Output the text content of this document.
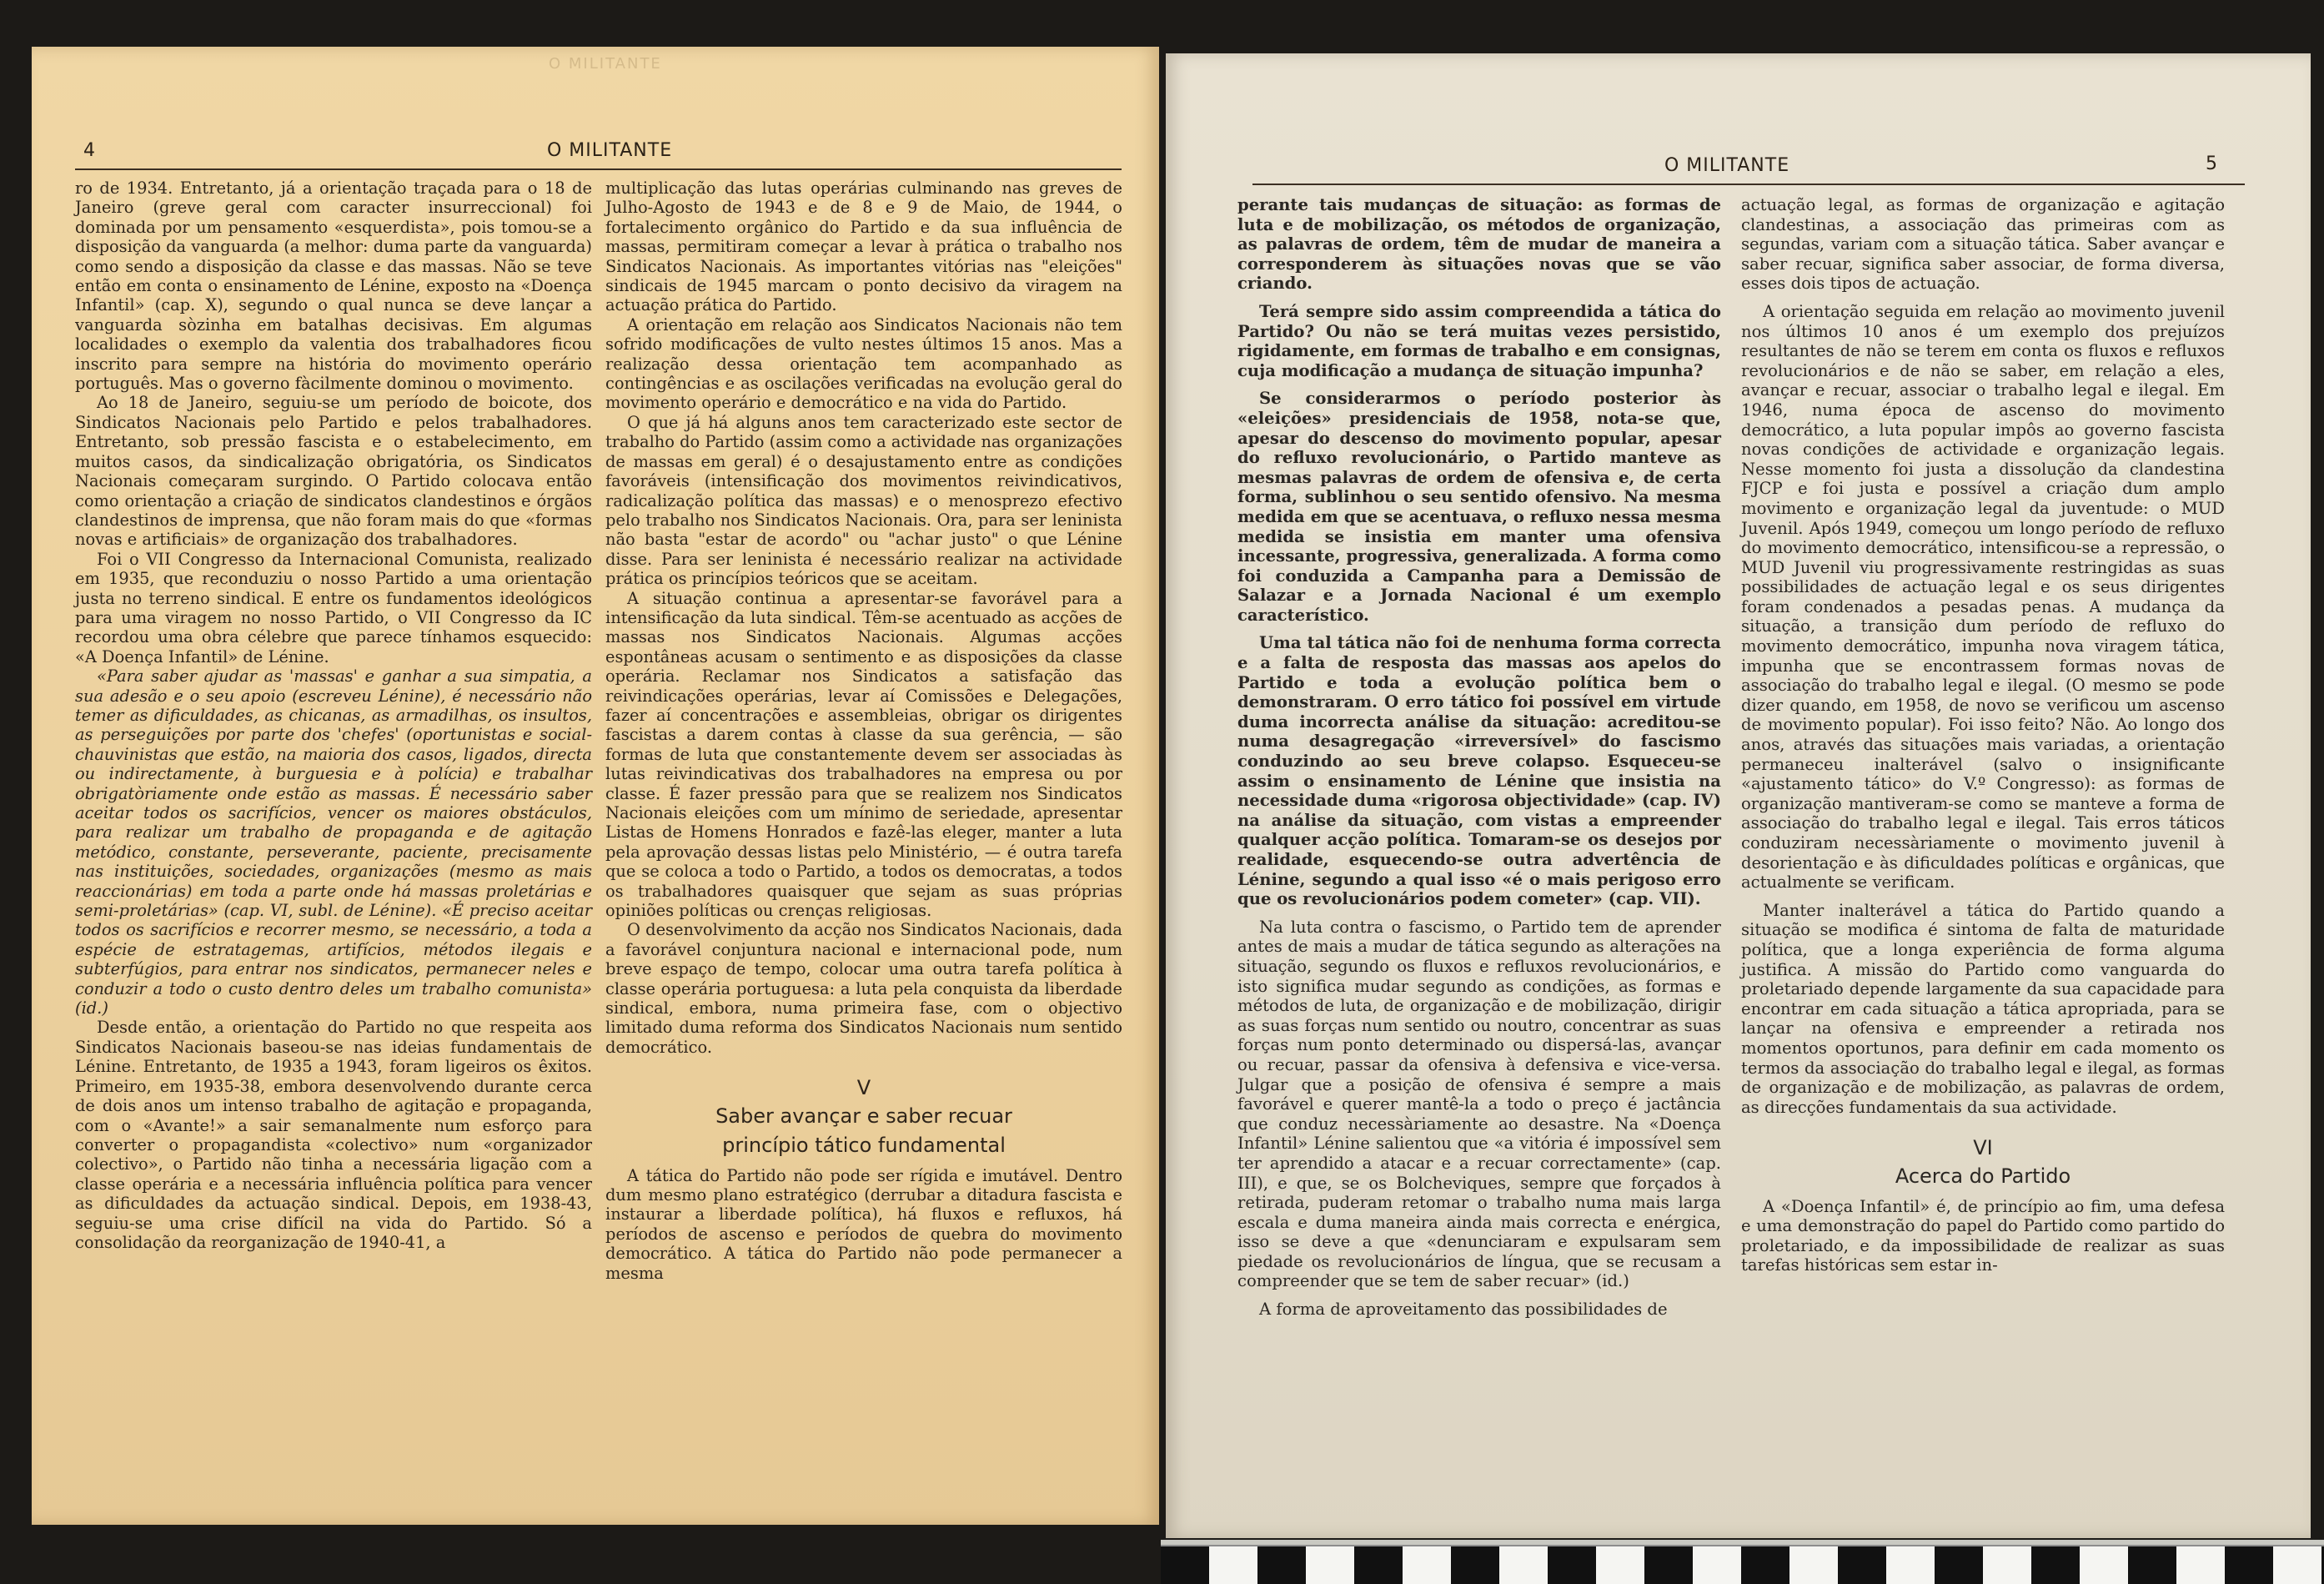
O MILITANTE
4	O MILITANTE

ro de 1934. Entretanto, já a orientação traçada para o 18 de Janeiro (greve geral com caracter insurreccional) foi dominada por um pensamento «esquerdista», pois tomou-se a disposição da vanguarda (a melhor: duma parte da vanguarda) como sendo a disposição da classe e das massas. Não se teve então em conta o ensinamento de Lénine, exposto na «Doença Infantil» (cap. X), segundo o qual nunca se deve lançar a vanguarda sòzinha em batalhas decisivas. Em algumas localidades o exemplo da valentia dos trabalhadores ficou inscrito para sempre na história do movimento operário português. Mas o governo fàcilmente dominou o movimento.

Ao 18 de Janeiro, seguiu-se um período de boicote, dos Sindicatos Nacionais pelo Partido e pelos trabalhadores. Entretanto, sob pressão fascista e o estabelecimento, em muitos casos, da sindicalização obrigatória, os Sindicatos Nacionais começaram surgindo. O Partido colocava então como orientação a criação de sindicatos clandestinos e órgãos clandestinos de imprensa, que não foram mais do que «formas novas e artificiais» de organização dos trabalhadores.

Foi o VII Congresso da Internacional Comunista, realizado em 1935, que reconduziu o nosso Partido a uma orientação justa no terreno sindical. E entre os fundamentos ideológicos para uma viragem no nosso Partido, o VII Congresso da IC recordou uma obra célebre que parece tínhamos esquecido: «A Doença Infantil» de Lénine.

«Para saber ajudar as 'massas' e ganhar a sua simpatia, a sua adesão e o seu apoio (escreveu Lénine), é necessário não temer as dificuldades, as chicanas, as armadilhas, os insultos, as perseguições por parte dos 'chefes' (oportunistas e social-chauvinistas que estão, na maioria dos casos, ligados, directa ou indirectamente, à burguesia e à polícia) e trabalhar obrigatòriamente onde estão as massas. É necessário saber aceitar todos os sacrifícios, vencer os maiores obstáculos, para realizar um trabalho de propaganda e de agitação metódico, constante, perseverante, paciente, precisamente nas instituições, sociedades, organizações (mesmo as mais reaccionárias) em toda a parte onde há massas proletárias e semi-proletárias» (cap. VI, subl. de Lénine). «É preciso aceitar todos os sacrifícios e recorrer mesmo, se necessário, a toda a espécie de estratagemas, artifícios, métodos ilegais e subterfúgios, para entrar nos sindicatos, permanecer neles e conduzir a todo o custo dentro deles um trabalho comunista» (id.)

Desde então, a orientação do Partido no que respeita aos Sindicatos Nacionais baseou-se nas ideias fundamentais de Lénine. Entretanto, de 1935 a 1943, foram ligeiros os êxitos. Primeiro, em 1935-38, embora desenvolvendo durante cerca de dois anos um intenso trabalho de agitação e propaganda, com o «Avante!» a sair semanalmente num esforço para converter o propagandista «colectivo» num «organizador colectivo», o Partido não tinha a necessária ligação com a classe operária e a necessária influência política para vencer as dificuldades da actuação sindical. Depois, em 1938-43, seguiu-se uma crise difícil na vida do Partido. Só a consolidação da reorganização de 1940-41, a

multiplicação das lutas operárias culminando nas greves de Julho-Agosto de 1943 e de 8 e 9 de Maio, de 1944, o fortalecimento orgânico do Partido e da sua influência de massas, permitiram começar a levar à prática o trabalho nos Sindicatos Nacionais. As importantes vitórias nas "eleições" sindicais de 1945 marcam o ponto decisivo da viragem na actuação prática do Partido.

A orientação em relação aos Sindicatos Nacionais não tem sofrido modificações de vulto nestes últimos 15 anos. Mas a realização dessa orientação tem acompanhado as contingências e as oscilações verificadas na evolução geral do movimento operário e democrático e na vida do Partido.

O que já há alguns anos tem caracterizado este sector de trabalho do Partido (assim como a actividade nas organizações de massas em geral) é o desajustamento entre as condições favoráveis (intensificação dos movimentos reivindicativos, radicalização política das massas) e o menosprezo efectivo pelo trabalho nos Sindicatos Nacionais. Ora, para ser leninista não basta "estar de acordo" ou "achar justo" o que Lénine disse. Para ser leninista é necessário realizar na actividade prática os princípios teóricos que se aceitam.

A situação continua a apresentar-se favorável para a intensificação da luta sindical. Têm-se acentuado as acções de massas nos Sindicatos Nacionais. Algumas acções espontâneas acusam o sentimento e as disposições da classe operária. Reclamar nos Sindicatos a satisfação das reivindicações operárias, levar aí Comissões e Delegações, fazer aí concentrações e assembleias, obrigar os dirigentes fascistas a darem contas à classe da sua gerência, — são formas de luta que constantemente devem ser associadas às lutas reivindicativas dos trabalhadores na empresa ou por classe. É fazer pressão para que se realizem nos Sindicatos Nacionais eleições com um mínimo de seriedade, apresentar Listas de Homens Honrados e fazê-las eleger, manter a luta pela aprovação dessas listas pelo Ministério, — é outra tarefa que se coloca a todo o Partido, a todos os democratas, a todos os trabalhadores quaisquer que sejam as suas próprias opiniões políticas ou crenças religiosas.

O desenvolvimento da acção nos Sindicatos Nacionais, dada a favorável conjuntura nacional e internacional pode, num breve espaço de tempo, colocar uma outra tarefa política à classe operária portuguesa: a luta pela conquista da liberdade sindical, embora, numa primeira fase, com o objectivo limitado duma reforma dos Sindicatos Nacionais num sentido democrático.

V
Saber avançar e saber recuar
princípio tático fundamental

A tática do Partido não pode ser rígida e imutável. Dentro dum mesmo plano estratégico (derrubar a ditadura fascista e instaurar a liberdade política), há fluxos e refluxos, há períodos de ascenso e períodos de quebra do movimento democrático. A tática do Partido não pode permanecer a mesma

O MILITANTE	5

perante tais mudanças de situação: as formas de luta e de mobilização, os métodos de organização, as palavras de ordem, têm de mudar de maneira a corresponderem às situações novas que se vão criando.

Terá sempre sido assim compreendida a tática do Partido? Ou não se terá muitas vezes persistido, rigidamente, em formas de trabalho e em consignas, cuja modificação a mudança de situação impunha?

Se considerarmos o período posterior às «eleições» presidenciais de 1958, nota-se que, apesar do descenso do movimento popular, apesar do refluxo revolucionário, o Partido manteve as mesmas palavras de ordem de ofensiva e, de certa forma, sublinhou o seu sentido ofensivo. Na mesma medida em que se acentuava, o refluxo nessa mesma medida se insistia em manter uma ofensiva incessante, progressiva, generalizada. A forma como foi conduzida a Campanha para a Demissão de Salazar e a Jornada Nacional é um exemplo característico.

Uma tal tática não foi de nenhuma forma correcta e a falta de resposta das massas aos apelos do Partido e toda a evolução política bem o demonstraram. O erro tático foi possível em virtude duma incorrecta análise da situação: acreditou-se numa desagregação «irreversível» do fascismo conduzindo ao seu breve colapso. Esqueceu-se assim o ensinamento de Lénine que insistia na necessidade duma «rigorosa objectividade» (cap. IV) na análise da situação, com vistas a empreender qualquer acção política. Tomaram-se os desejos por realidade, esquecendo-se outra advertência de Lénine, segundo a qual isso «é o mais perigoso erro que os revolucionários podem cometer» (cap. VII).

Na luta contra o fascismo, o Partido tem de aprender antes de mais a mudar de tática segundo as alterações na situação, segundo os fluxos e refluxos revolucionários, e isto significa mudar segundo as condições, as formas e métodos de luta, de organização e de mobilização, dirigir as suas forças num sentido ou noutro, concentrar as suas forças num ponto determinado ou dispersá-las, avançar ou recuar, passar da ofensiva à defensiva e vice-versa. Julgar que a posição de ofensiva é sempre a mais favorável e querer mantê-la a todo o preço é jactância que conduz necessàriamente ao desastre. Na «Doença Infantil» Lénine salientou que «a vitória é impossível sem ter aprendido a atacar e a recuar correctamente» (cap. III), e que, se os Bolcheviques, sempre que forçados à retirada, puderam retomar o trabalho numa mais larga escala e duma maneira ainda mais correcta e enérgica, isso se deve a que «denunciaram e expulsaram sem piedade os revolucionários de língua, que se recusam a compreender que se tem de saber recuar» (id.)

A forma de aproveitamento das possibilidades de

actuação legal, as formas de organização e agitação clandestinas, a associação das primeiras com as segundas, variam com a situação tática. Saber avançar e saber recuar, significa saber associar, de forma diversa, esses dois tipos de actuação.

A orientação seguida em relação ao movimento juvenil nos últimos 10 anos é um exemplo dos prejuízos resultantes de não se terem em conta os fluxos e refluxos revolucionários e de não se saber, em relação a eles, avançar e recuar, associar o trabalho legal e ilegal. Em 1946, numa época de ascenso do movimento democrático, a luta popular impôs ao governo fascista novas condições de actividade e organização legais. Nesse momento foi justa a dissolução da clandestina FJCP e foi justa e possível a criação dum amplo movimento e organização legal da juventude: o MUD Juvenil. Após 1949, começou um longo período de refluxo do movimento democrático, intensificou-se a repressão, o MUD Juvenil viu progressivamente restringidas as suas possibilidades de actuação legal e os seus dirigentes foram condenados a pesadas penas. A mudança da situação, a transição dum período de refluxo do movimento democrático, impunha nova viragem tática, impunha que se encontrassem formas novas de associação do trabalho legal e ilegal. (O mesmo se pode dizer quando, em 1958, de novo se verificou um ascenso de movimento popular). Foi isso feito? Não. Ao longo dos anos, através das situações mais variadas, a orientação permaneceu inalterável (salvo o insignificante «ajustamento tático» do V.º Congresso): as formas de organização mantiveram-se como se manteve a forma de associação do trabalho legal e ilegal. Tais erros táticos conduziram necessàriamente o movimento juvenil à desorientação e às dificuldades políticas e orgânicas, que actualmente se verificam.

Manter inalterável a tática do Partido quando a situação se modifica é sintoma de falta de maturidade política, que a longa experiência de forma alguma justifica. A missão do Partido como vanguarda do proletariado depende largamente da sua capacidade para encontrar em cada situação a tática apropriada, para se lançar na ofensiva e empreender a retirada nos momentos oportunos, para definir em cada momento os termos da associação do trabalho legal e ilegal, as formas de organização e de mobilização, as palavras de ordem, as direcções fundamentais da sua actividade.

VI
Acerca do Partido

A «Doença Infantil» é, de princípio ao fim, uma defesa e uma demonstração do papel do Partido como partido do proletariado, e da impossibilidade de realizar as suas tarefas históricas sem estar in-
